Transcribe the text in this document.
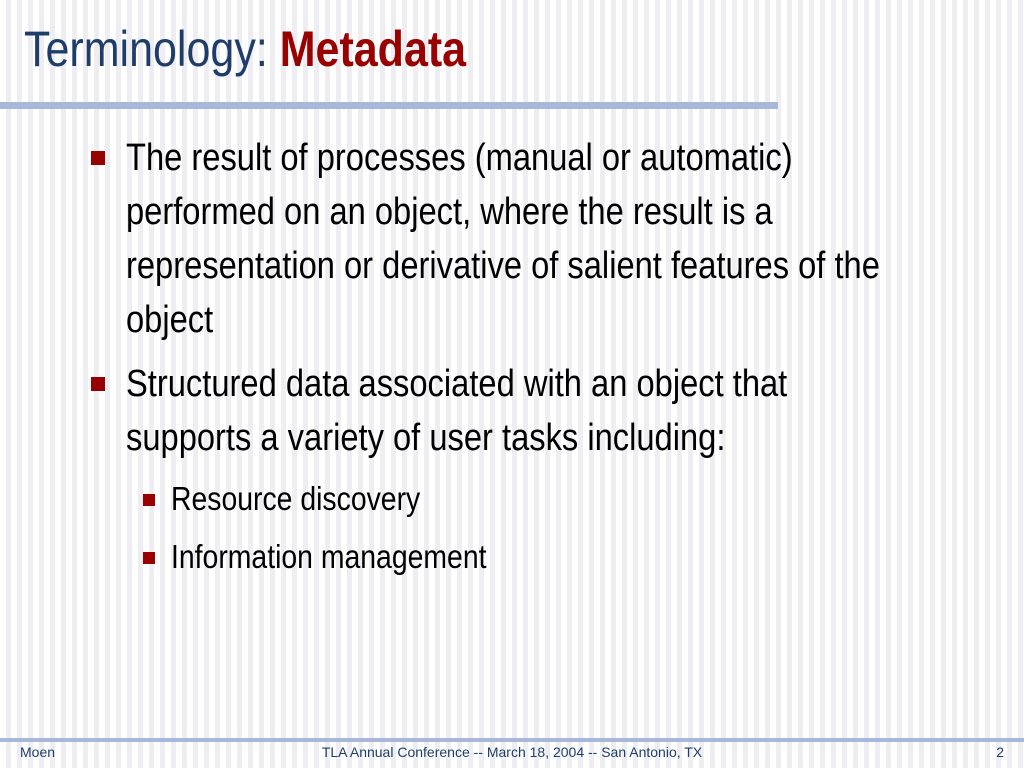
Terminology: Metadata
The result of processes (manual or automatic)
performed on an object, where the result is a
representation or derivative of salient features of the
object
Structured data associated with an object that
supports a variety of user tasks including:
Resource discovery
Information management
Moen	TLA Annual Conference -- March 18, 2004 -- San Antonio, TX	2
